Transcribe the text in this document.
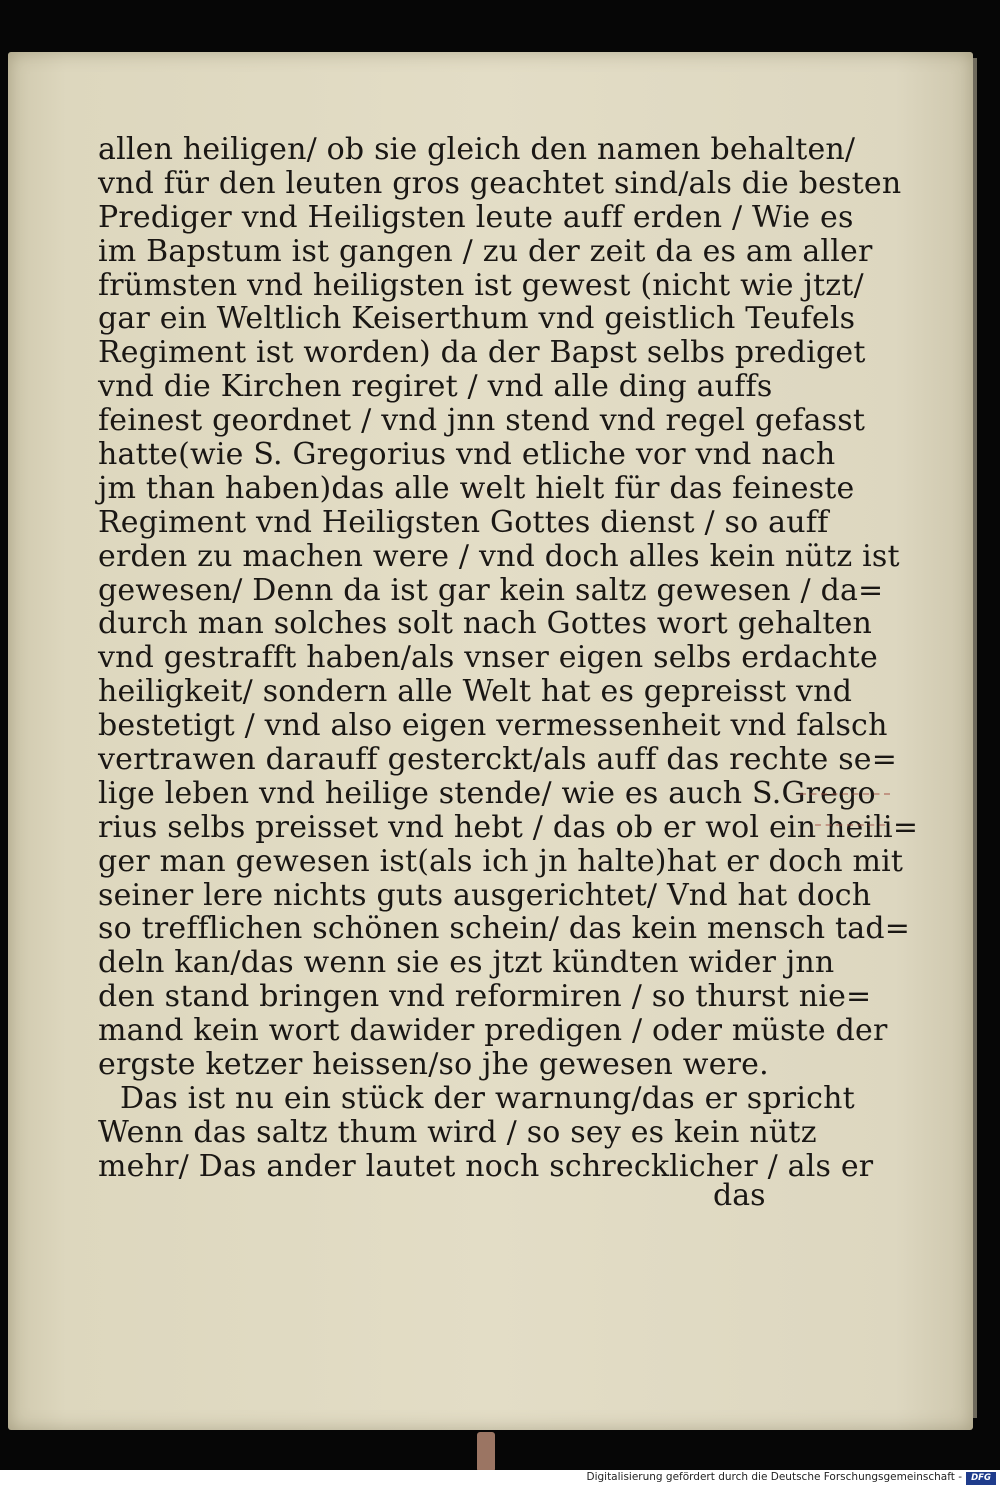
allen heiligen/ ob sie gleich den namen behalten/
vnd für den leuten gros geachtet sind/als die besten
Prediger vnd Heiligsten leute auff erden / Wie es
im Bapstum ist gangen / zu der zeit da es am aller
frümsten vnd heiligsten ist gewest (nicht wie jtzt/
gar ein Weltlich Keiserthum vnd geistlich Teufels
Regiment ist worden) da der Bapst selbs prediget
vnd die Kirchen regiret / vnd alle ding auffs
feinest geordnet / vnd jnn stend vnd regel gefasst
hatte(wie S. Gregorius vnd etliche vor vnd nach
jm than haben)das alle welt hielt für das feineste
Regiment vnd Heiligsten Gottes dienst / so auff
erden zu machen were / vnd doch alles kein nütz ist
gewesen/ Denn da ist gar kein saltz gewesen / da=
durch man solches solt nach Gottes wort gehalten
vnd gestrafft haben/als vnser eigen selbs erdachte
heiligkeit/ sondern alle Welt hat es gepreisst vnd
bestetigt / vnd also eigen vermessenheit vnd falsch
vertrawen darauff gesterckt/als auff das rechte se=
lige leben vnd heilige stende/ wie es auch S.Grego
rius selbs preisset vnd hebt / das ob er wol ein heili=
ger man gewesen ist(als ich jn halte)hat er doch mit
seiner lere nichts guts ausgerichtet/ Vnd hat doch
so trefflichen schönen schein/ das kein mensch tad=
deln kan/das wenn sie es jtzt kündten wider jnn
den stand bringen vnd reformiren / so thurst nie=
mand kein wort dawider predigen / oder müste der
ergste ketzer heissen/so jhe gewesen were.
Das ist nu ein stück der warnung/das er spricht
Wenn das saltz thum wird / so sey es kein nütz
mehr/ Das ander lautet noch schrecklicher / als er
das
Digitalisierung gefördert durch die Deutsche Forschungsgemeinschaft -	DFG
